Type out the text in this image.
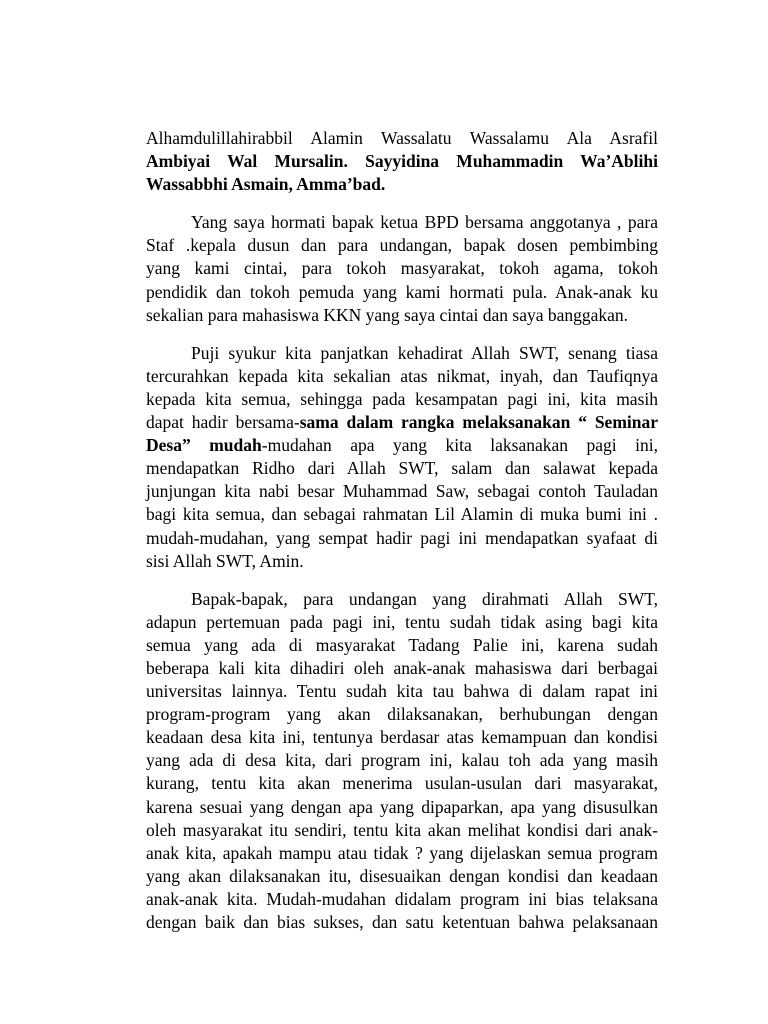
Alhamdulillahirabbil Alamin Wassalatu Wassalamu Ala Asrafil
Ambiyai Wal Mursalin. Sayyidina Muhammadin Wa’Ablihi
Wassabbhi Asmain, Amma’bad.
Yang saya hormati bapak ketua BPD bersama anggotanya , para
Staf .kepala dusun dan para undangan, bapak dosen pembimbing
yang kami cintai, para tokoh masyarakat, tokoh agama, tokoh
pendidik dan tokoh pemuda yang kami hormati pula. Anak-anak ku
sekalian para mahasiswa KKN yang saya cintai dan saya banggakan.
Puji syukur kita panjatkan kehadirat Allah SWT, senang tiasa
tercurahkan kepada kita sekalian atas nikmat, inyah, dan Taufiqnya
kepada kita semua, sehingga pada kesampatan pagi ini, kita masih
dapat hadir bersama-sama dalam rangka melaksanakan “ Seminar
Desa” mudah-mudahan apa yang kita laksanakan pagi ini,
mendapatkan Ridho dari Allah SWT, salam dan salawat kepada
junjungan kita nabi besar Muhammad Saw, sebagai contoh Tauladan
bagi kita semua, dan sebagai rahmatan Lil Alamin di muka bumi ini .
mudah-mudahan, yang sempat hadir pagi ini mendapatkan syafaat di
sisi Allah SWT, Amin.
Bapak-bapak, para undangan yang dirahmati Allah SWT,
adapun pertemuan pada pagi ini, tentu sudah tidak asing bagi kita
semua yang ada di masyarakat Tadang Palie ini, karena sudah
beberapa kali kita dihadiri oleh anak-anak mahasiswa dari berbagai
universitas lainnya. Tentu sudah kita tau bahwa di dalam rapat ini
program-program yang akan dilaksanakan, berhubungan dengan
keadaan desa kita ini, tentunya berdasar atas kemampuan dan kondisi
yang ada di desa kita, dari program ini, kalau toh ada yang masih
kurang, tentu kita akan menerima usulan-usulan dari masyarakat,
karena sesuai yang dengan apa yang dipaparkan, apa yang disusulkan
oleh masyarakat itu sendiri, tentu kita akan melihat kondisi dari anak-
anak kita, apakah mampu atau tidak ? yang dijelaskan semua program
yang akan dilaksanakan itu, disesuaikan dengan kondisi dan keadaan
anak-anak kita. Mudah-mudahan didalam program ini bias telaksana
dengan baik dan bias sukses, dan satu ketentuan bahwa pelaksanaan
